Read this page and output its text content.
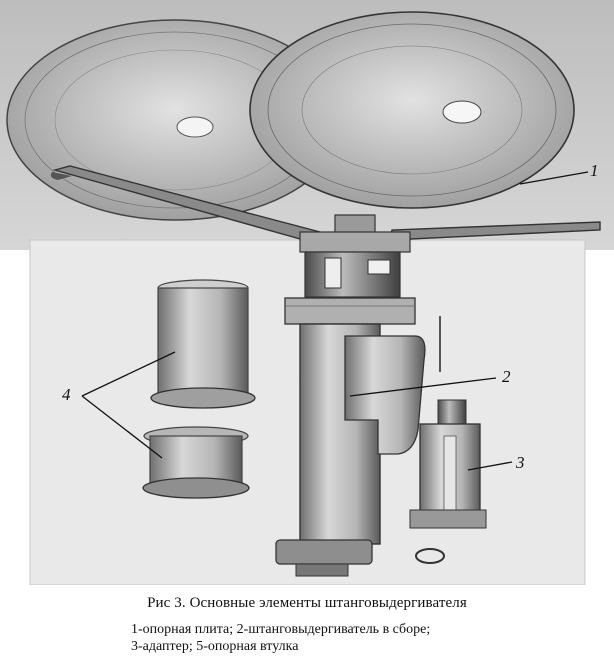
1
2
3
4
Рис 3. Основные элементы штанговыдергивателя
1-опорная плита; 2-штанговыдергиватель в сборе;
3-адаптер; 5-опорная втулка
